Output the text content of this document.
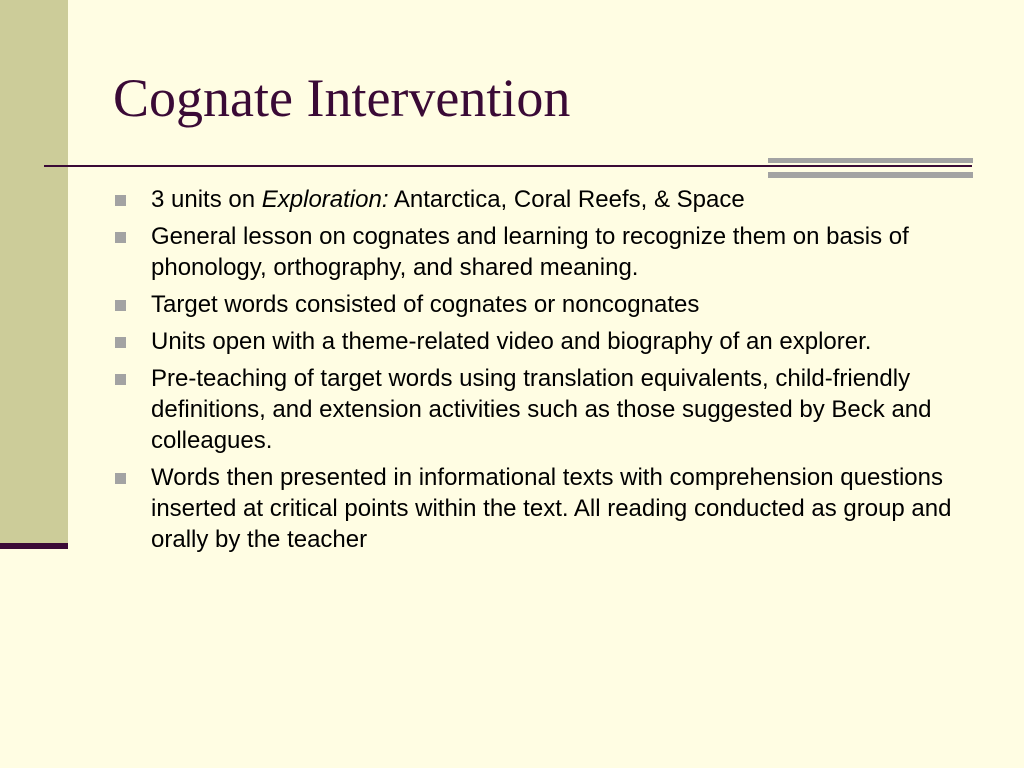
Cognate Intervention
3 units on Exploration: Antarctica, Coral Reefs, & Space
General lesson on cognates and learning to recognize them on basis of phonology, orthography, and shared meaning.
Target words consisted of cognates or noncognates
Units open with a theme-related video and biography of an explorer.
Pre-teaching of target words using translation equivalents, child-friendly definitions, and extension activities such as those suggested by Beck and colleagues.
Words then presented in informational texts with comprehension questions inserted at critical points within the text. All reading conducted as group and orally by the teacher
